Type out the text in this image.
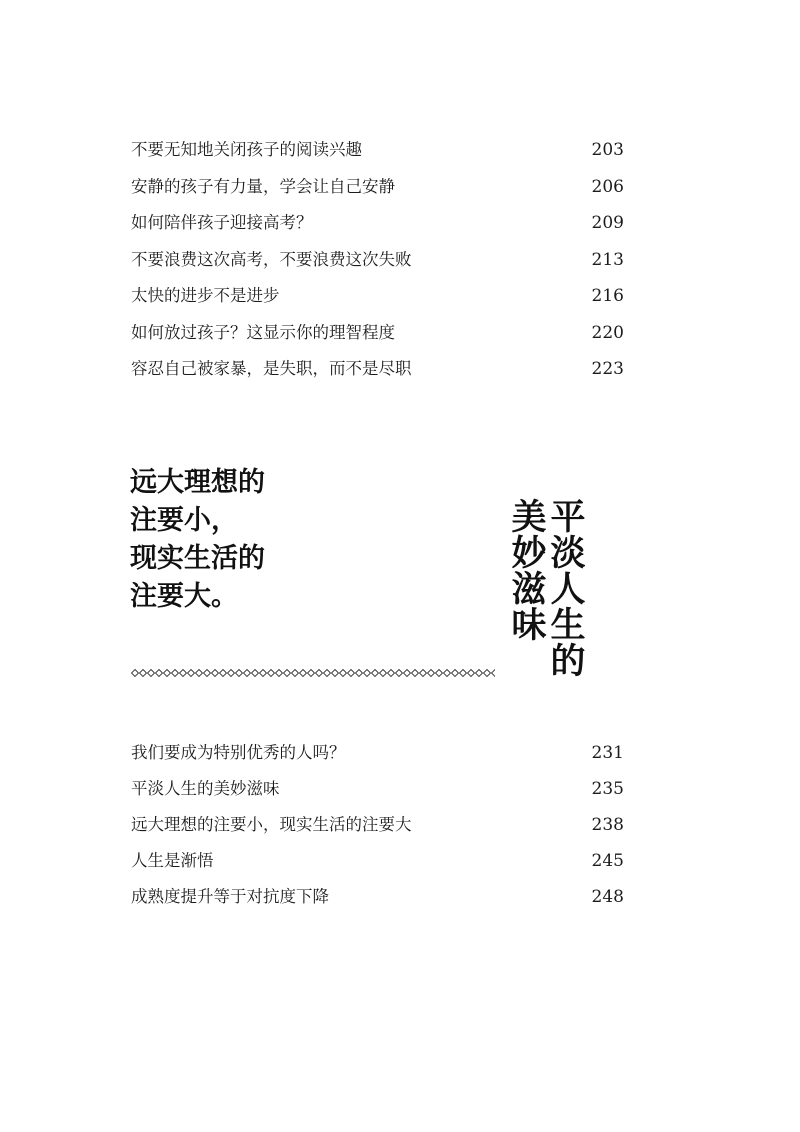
不要无知地关闭孩子的阅读兴趣	203
安静的孩子有力量，学会让自己安静	206
如何陪伴孩子迎接高考？	209
不要浪费这次高考，不要浪费这次失败	213
太快的进步不是进步	216
如何放过孩子？这显示你的理智程度	220
容忍自己被家暴，是失职，而不是尽职	223
远大理想的
注要小，
现实生活的
注要大。	平淡人生的
美妙滋味
我们要成为特别优秀的人吗？	231
平淡人生的美妙滋味	235
远大理想的注要小，现实生活的注要大	238
人生是渐悟	245
成熟度提升等于对抗度下降	248
